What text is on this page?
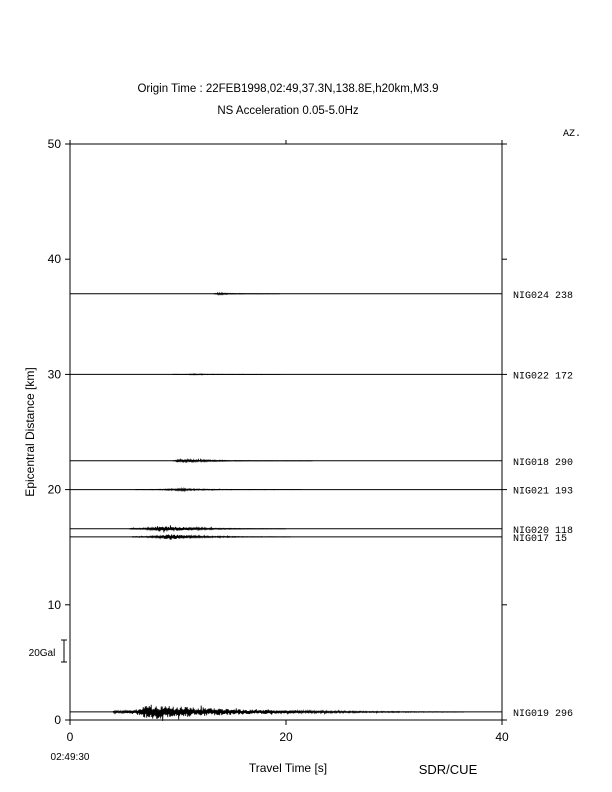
Origin Time : 22FEB1998,02:49,37.3N,138.8E,h20km,M3.9
NS Acceleration 0.05-5.0Hz
AZ.
0
10
20
30
40
50
0	20	40
NIG024 238
NIG022 172
NIG018 290
NIG021 193
NIG020 118
NIG017 15
NIG019 296
Epicentral Distance [km]
Travel Time [s]
02:49:30
SDR/CUE
20Gal
